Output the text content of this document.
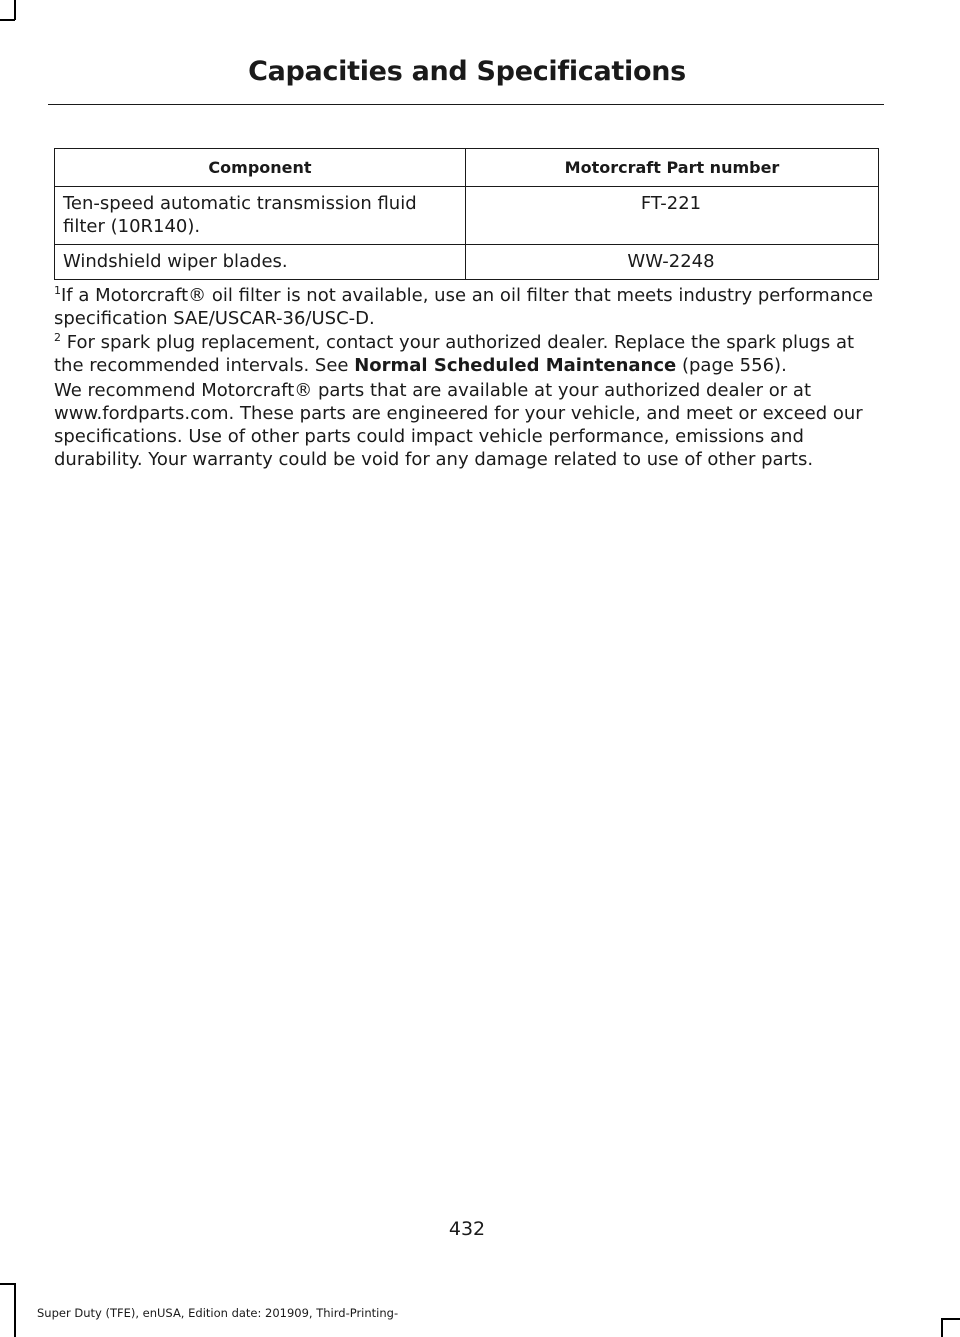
Capacities and Specifications
Component	Motorcraft Part number
Ten-speed automatic transmission fluid filter (10R140).	FT-221
Windshield wiper blades.	WW-2248

$^1$If a Motorcraft® oil filter is not available, use an oil filter that meets industry performance specification SAE/USCAR-36/USC-D.

$^2$ For spark plug replacement, contact your authorized dealer. Replace the spark plugs at the recommended intervals. See Normal Scheduled Maintenance (page 556).

We recommend Motorcraft® parts that are available at your authorized dealer or at www.fordparts.com. These parts are engineered for your vehicle, and meet or exceed our specifications. Use of other parts could impact vehicle performance, emissions and durability. Your warranty could be void for any damage related to use of other parts.

432
Super Duty (TFE), enUSA, Edition date: 201909, Third-Printing-
